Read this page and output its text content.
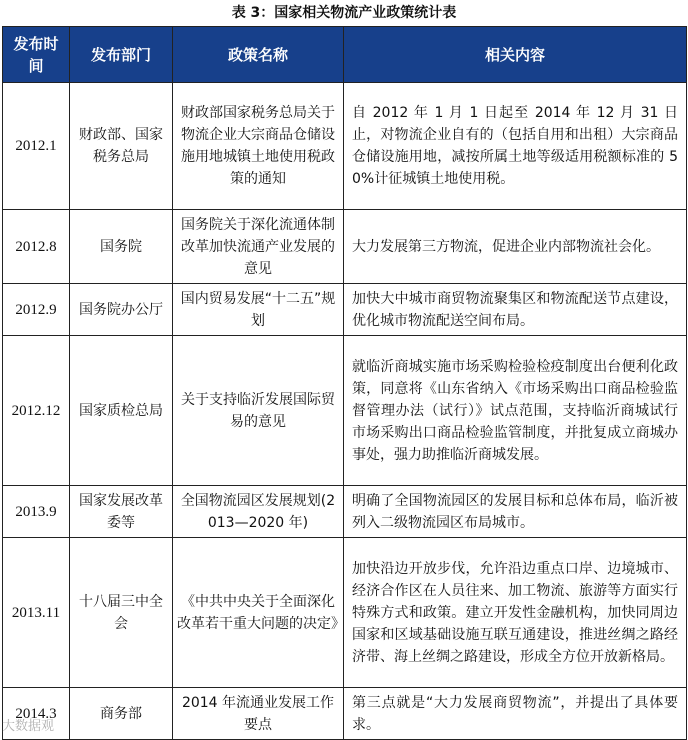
表 3：国家相关物流产业政策统计表
发布时间	发布部门	政策名称	相关内容
2012.1	财政部、国家税务总局	财政部国家税务总局关于物流企业大宗商品仓储设施用地城镇土地使用税政策的通知	自 2012 年 1 月 1 日起至 2014 年 12 月 31 日止，对物流企业自有的（包括自用和出租）大宗商品仓储设施用地，减按所属土地等级适用税额标准的 50%计征城镇土地使用税。
2012.8	国务院	国务院关于深化流通体制改革加快流通产业发展的意见	大力发展第三方物流，促进企业内部物流社会化。
2012.9	国务院办公厅	国内贸易发展“十二五”规划	加快大中城市商贸物流聚集区和物流配送节点建设，优化城市物流配送空间布局。
2012.12	国家质检总局	关于支持临沂发展国际贸易的意见	就临沂商城实施市场采购检验检疫制度出台便利化政策，同意将《山东省纳入《市场采购出口商品检验监督管理办法（试行）》试点范围，支持临沂商城试行市场采购出口商品检验监管制度，并批复成立商城办事处，强力助推临沂商城发展。
2013.9	国家发展改革委等	全国物流园区发展规划(2013—2020 年)	明确了全国物流园区的发展目标和总体布局，临沂被列入二级物流园区布局城市。
2013.11	十八届三中全会	《中共中央关于全面深化改革若干重大问题的决定》	加快沿边开放步伐，允许沿边重点口岸、边境城市、经济合作区在人员往来、加工物流、旅游等方面实行特殊方式和政策。建立开发性金融机构，加快同周边国家和区域基础设施互联互通建设，推进丝绸之路经济带、海上丝绸之路建设，形成全方位开放新格局。
2014.3	商务部	2014 年流通业发展工作要点	第三点就是“大力发展商贸物流”，并提出了具体要求。
大数据观
